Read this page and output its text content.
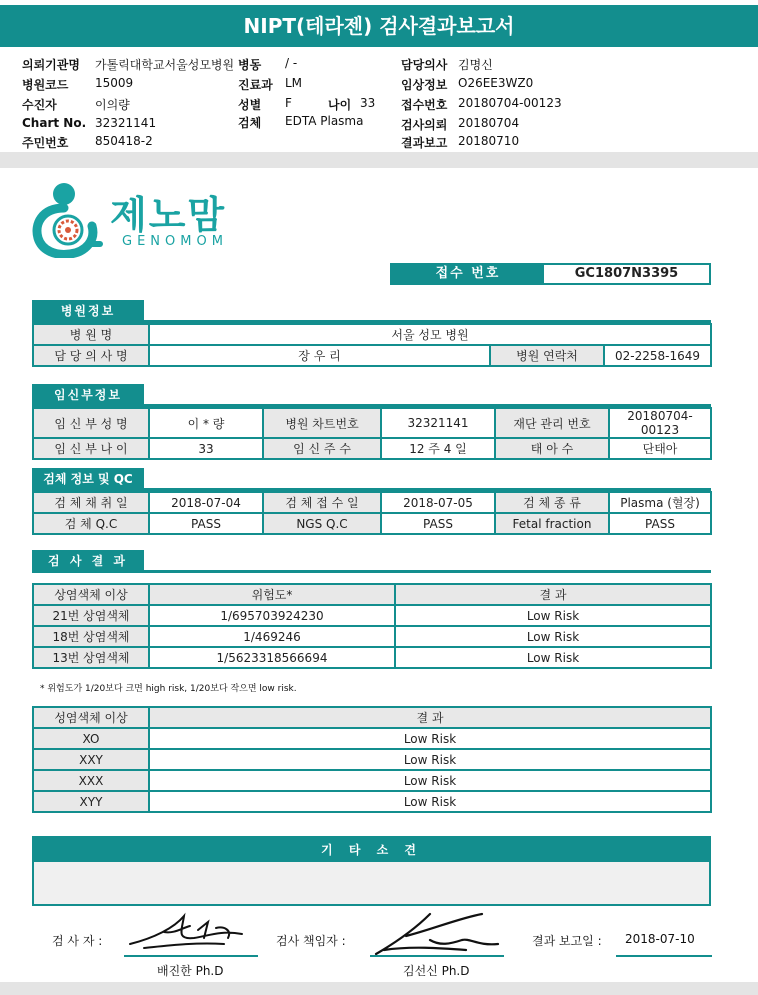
NIPT(테라젠) 검사결과보고서
의뢰기관명 가톨릭대학교서울성모병원
병원코드 15009
수진자	이의량
Chart No. 32321141
주민번호 850418-2
병동 / -
진료과 LM
성별 F	나이 33
검체 EDTA Plasma
담당의사 김명신
임상정보 O26EE3WZ0
접수번호 20180704-00123
검사의뢰 20180704
결과보고 20180710
제노맘
GENOMOM
접수 번호	GC1807N3395
병원정보
병 원 명	서울 성모 병원		
담 당 의 사 명	장 우 리	병원 연락처	02-2258-1649
임신부정보
임 신 부 성 명	이 * 량	병원 차트번호	32321141	재단 관리 번호	20180704-00123
임 신 부 나 이	33	임 신 주 수	12 주 4 일	태 아 수	단태아
검체 정보 및 QC
검 체 채 취 일	2018-07-04	검 체 접 수 일	2018-07-05	검 체 종 류	Plasma (혈장)
검 체 Q.C	PASS	NGS Q.C	PASS	Fetal fraction	PASS
검 사 결 과
상염색체 이상	위험도*	결 과
21번 상염색체	1/695703924230	Low Risk
18번 상염색체	1/469246	Low Risk
13번 상염색체	1/5623318566694	Low Risk
* 위험도가 1/20보다 크면 high risk, 1/20보다 작으면 low risk.
성염색체 이상	결 과
XO	Low Risk
XXY	Low Risk
XXX	Low Risk
XYY	Low Risk
기 타 소 견
검 사 자 :
배진한 Ph.D
검사 책임자 :
김선신 Ph.D
결과 보고일 : 2018-07-10
